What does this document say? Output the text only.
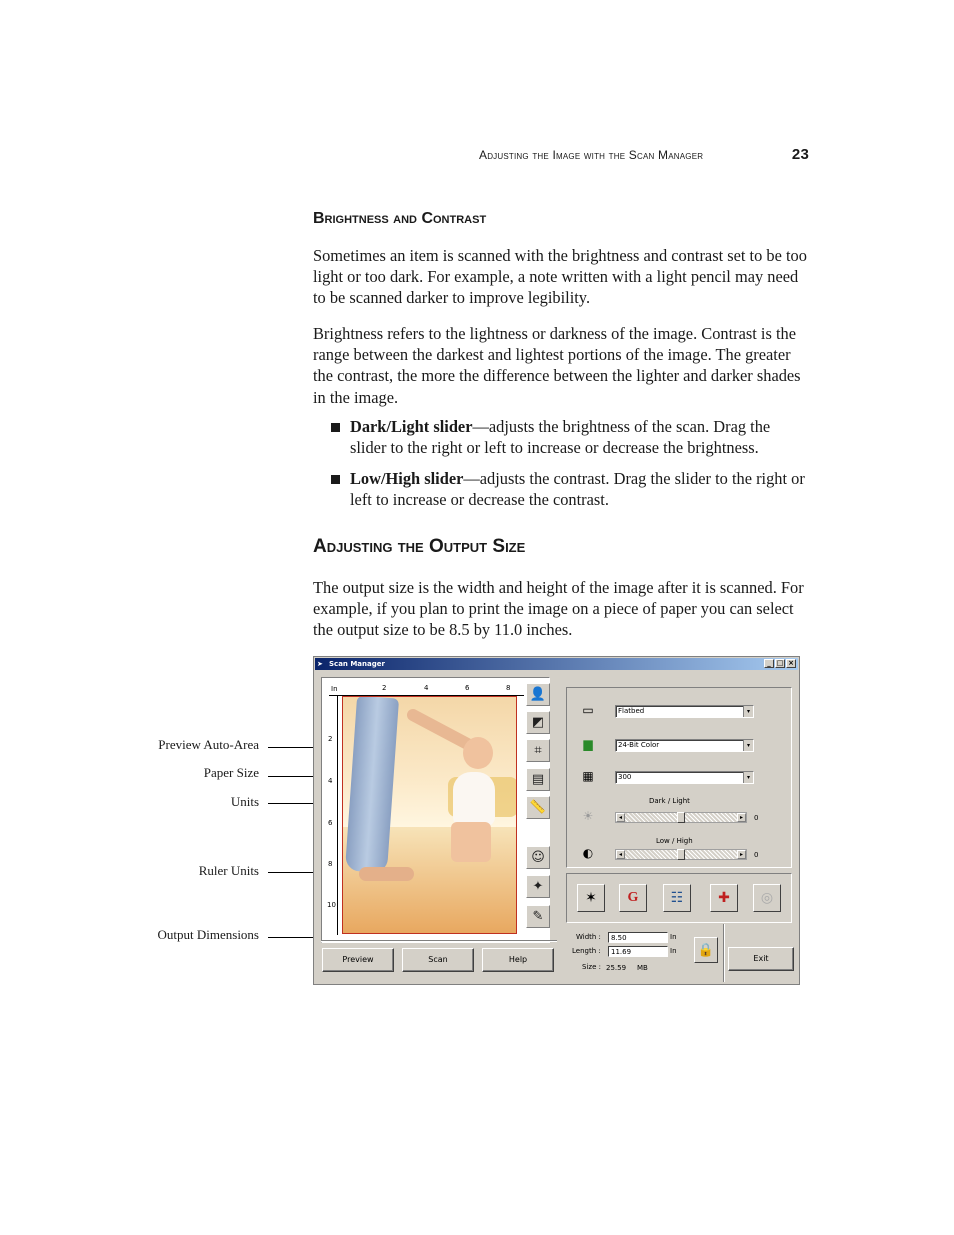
Adjusting the Image with the Scan Manager	23
Brightness and Contrast

Sometimes an item is scanned with the brightness and contrast set to be too light or too dark. For example, a note written with a light pencil may need to be scanned darker to improve legibility.

Brightness refers to the lightness or darkness of the image. Contrast is the range between the darkest and lightest portions of the image. The greater the contrast, the more the difference between the lighter and darker shades in the image.

Dark/Light slider—adjusts the brightness of the scan. Drag the slider to the right or left to increase or decrease the brightness.
Low/High slider—adjusts the contrast. Drag the slider to the right or left to increase or decrease the contrast.
Adjusting the Output Size

The output size is the width and height of the image after it is scanned. For example, if you plan to print the image on a piece of paper you can select the output size to be 8.5 by 11.0 inches.

Preview Auto-Area
Paper Size
Units
Ruler Units
Output Dimensions
➤ Scan Manager	_ □ ×
In	2	4	6	8
2
4
6
8
10
👤
◩
⌗
▤
📏
☺
✦
✎
Preview	Scan	Help
▭	Flatbed	▾
▆	24-Bit Color	▾
▦	300	▾
Dark / Light
☀	◂	▸	0
Low / High
◐	◂	▸	0
✶	G	☷	✚	◎
Width :	8.50	In
Length :	11.69	In
Size : 25.59 MB
🔒
Exit
